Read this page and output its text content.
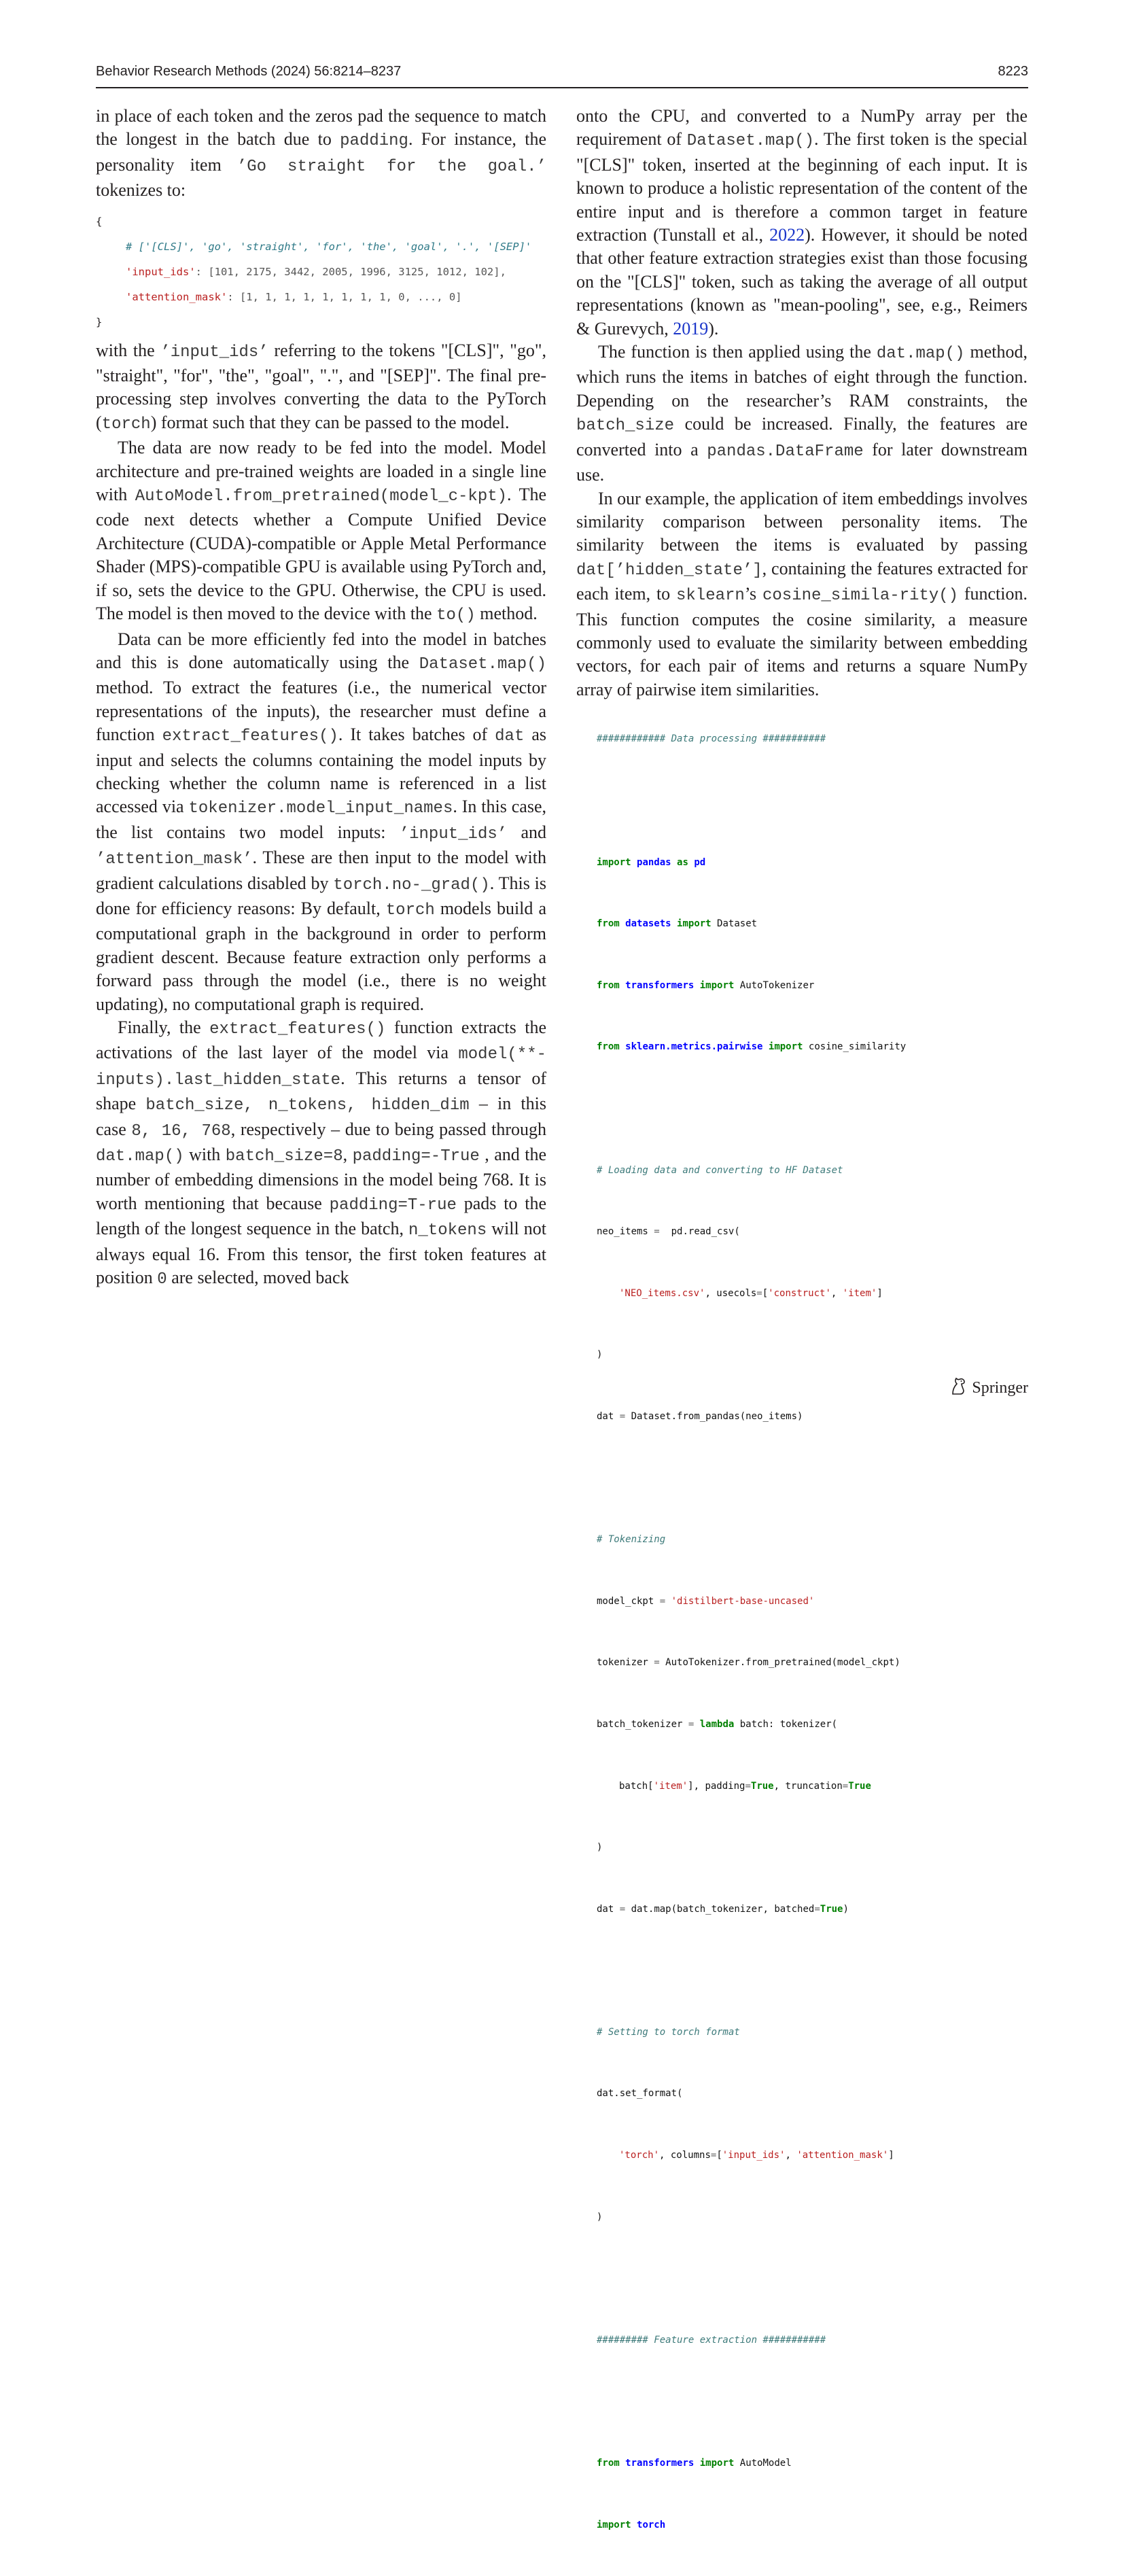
Behavior Research Methods (2024) 56:8214–8237	8223

in place of each token and the zeros pad the sequence to match the longest in the batch due to padding. For instance, the personality item ’Go straight for the goal.’ tokenizes to:

{
# ['[CLS]', 'go', 'straight', 'for', 'the', 'goal', '.', '[SEP]'
'input_ids': [101, 2175, 3442, 2005, 1996, 3125, 1012, 102],
'attention_mask': [1, 1, 1, 1, 1, 1, 1, 1, 0, ..., 0]
}

with the ’input_ids’ referring to the tokens "[CLS]", "go", "straight", "for", "the", "goal", ".", and "[SEP]". The final pre-processing step involves converting the data to the PyTorch (torch) format such that they can be passed to the model.

The data are now ready to be fed into the model. Model architecture and pre-trained weights are loaded in a single line with AutoModel.from_pretrained(model_c-kpt). The code next detects whether a Compute Unified Device Architecture (CUDA)-compatible or Apple Metal Performance Shader (MPS)-compatible GPU is available using PyTorch and, if so, sets the device to the GPU. Otherwise, the CPU is used. The model is then moved to the device with the to() method.

Data can be more efficiently fed into the model in batches and this is done automatically using the Dataset.map() method. To extract the features (i.e., the numerical vector representations of the inputs), the researcher must define a function extract_features(). It takes batches of dat as input and selects the columns containing the model inputs by checking whether the column name is referenced in a list accessed via tokenizer.model_input_names. In this case, the list contains two model inputs: ’input_ids’ and ’attention_mask’. These are then input to the model with gradient calculations disabled by torch.no-_grad(). This is done for efficiency reasons: By default, torch models build a computational graph in the background in order to perform gradient descent. Because feature extraction only performs a forward pass through the model (i.e., there is no weight updating), no computational graph is required.

Finally, the extract_features() function extracts the activations of the last layer of the model via model(**-inputs).last_hidden_state. This returns a tensor of shape batch_size, n_tokens, hidden_dim – in this case 8, 16, 768, respectively – due to being passed through dat.map() with batch_size=8, padding=-True , and the number of embedding dimensions in the model being 768. It is worth mentioning that because padding=T-rue pads to the length of the longest sequence in the batch, n_tokens will not always equal 16. From this tensor, the first token features at position 0 are selected, moved back

onto the CPU, and converted to a NumPy array per the requirement of Dataset.map(). The first token is the special "[CLS]" token, inserted at the beginning of each input. It is known to produce a holistic representation of the content of the entire input and is therefore a common target in feature extraction (Tunstall et al., 2022). However, it should be noted that other feature extraction strategies exist than those focusing on the "[CLS]" token, such as taking the average of all output representations (known as "mean-pooling", see, e.g., Reimers & Gurevych, 2019).

The function is then applied using the dat.map() method, which runs the items in batches of eight through the function. Depending on the researcher’s RAM constraints, the batch_size could be increased. Finally, the features are converted into a pandas.DataFrame for later downstream use.

In our example, the application of item embeddings involves similarity comparison between personality items. The similarity between the items is evaluated by passing dat[’hidden_state’], containing the features extracted for each item, to sklearn’s cosine_simila-rity() function. This function computes the cosine similarity, a measure commonly used to evaluate the similarity between embedding vectors, for each pair of items and returns a square NumPy array of pairwise item similarities.

############ Data processing ###########

import pandas as pd

from datasets import Dataset

from transformers import AutoTokenizer

from sklearn.metrics.pairwise import cosine_similarity

# Loading data and converting to HF Dataset

neo_items =  pd.read_csv(

'NEO_items.csv', usecols=['construct', 'item']

)

dat = Dataset.from_pandas(neo_items)

# Tokenizing

model_ckpt = 'distilbert-base-uncased'

tokenizer = AutoTokenizer.from_pretrained(model_ckpt)

batch_tokenizer = lambda batch: tokenizer(

batch['item'], padding=True, truncation=True

)

dat = dat.map(batch_tokenizer, batched=True)

# Setting to torch format

dat.set_format(

'torch', columns=['input_ids', 'attention_mask']

)

######### Feature extraction ###########

from transformers import AutoModel

import torch

Springer
